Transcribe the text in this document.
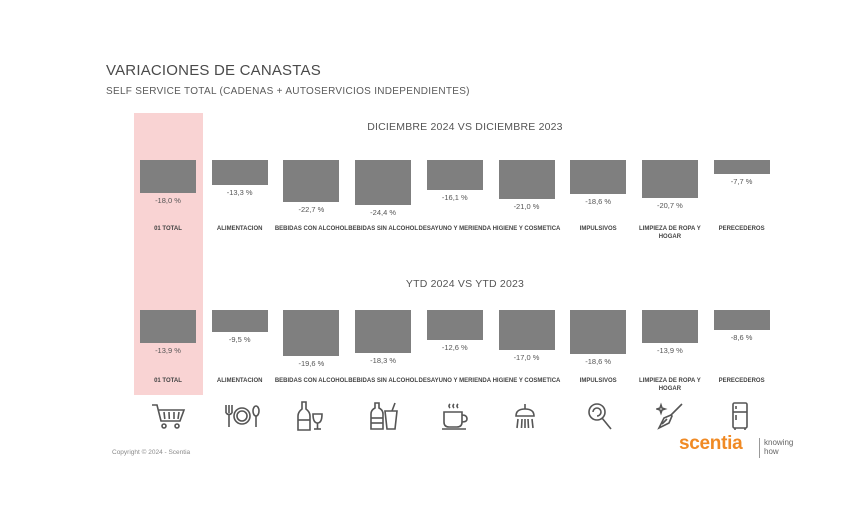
VARIACIONES DE CANASTAS
SELF SERVICE TOTAL (CADENAS + AUTOSERVICIOS INDEPENDIENTES)
DICIEMBRE 2024 VS DICIEMBRE 2023
YTD 2024 VS YTD 2023
-18,0 %
01 TOTAL
-13,3 %
ALIMENTACION
-22,7 %
BEBIDAS CON ALCOHOL
-24,4 %
BEBIDAS SIN ALCOHOL
-16,1 %
DESAYUNO Y MERIENDA
-21,0 %
HIGIENE Y COSMETICA
-18,6 %
IMPULSIVOS
-20,7 %
LIMPIEZA DE ROPA Y HOGAR
-7,7 %
PERECEDEROS
-13,9 %
01 TOTAL
-9,5 %
ALIMENTACION
-19,6 %
BEBIDAS CON ALCOHOL
-18,3 %
BEBIDAS SIN ALCOHOL
-12,6 %
DESAYUNO Y MERIENDA
-17,0 %
HIGIENE Y COSMETICA
-18,6 %
IMPULSIVOS
-13,9 %
LIMPIEZA DE ROPA Y HOGAR
-8,6 %
PERECEDEROS
Copyright © 2024 - Scentia	scentia	knowing
how
